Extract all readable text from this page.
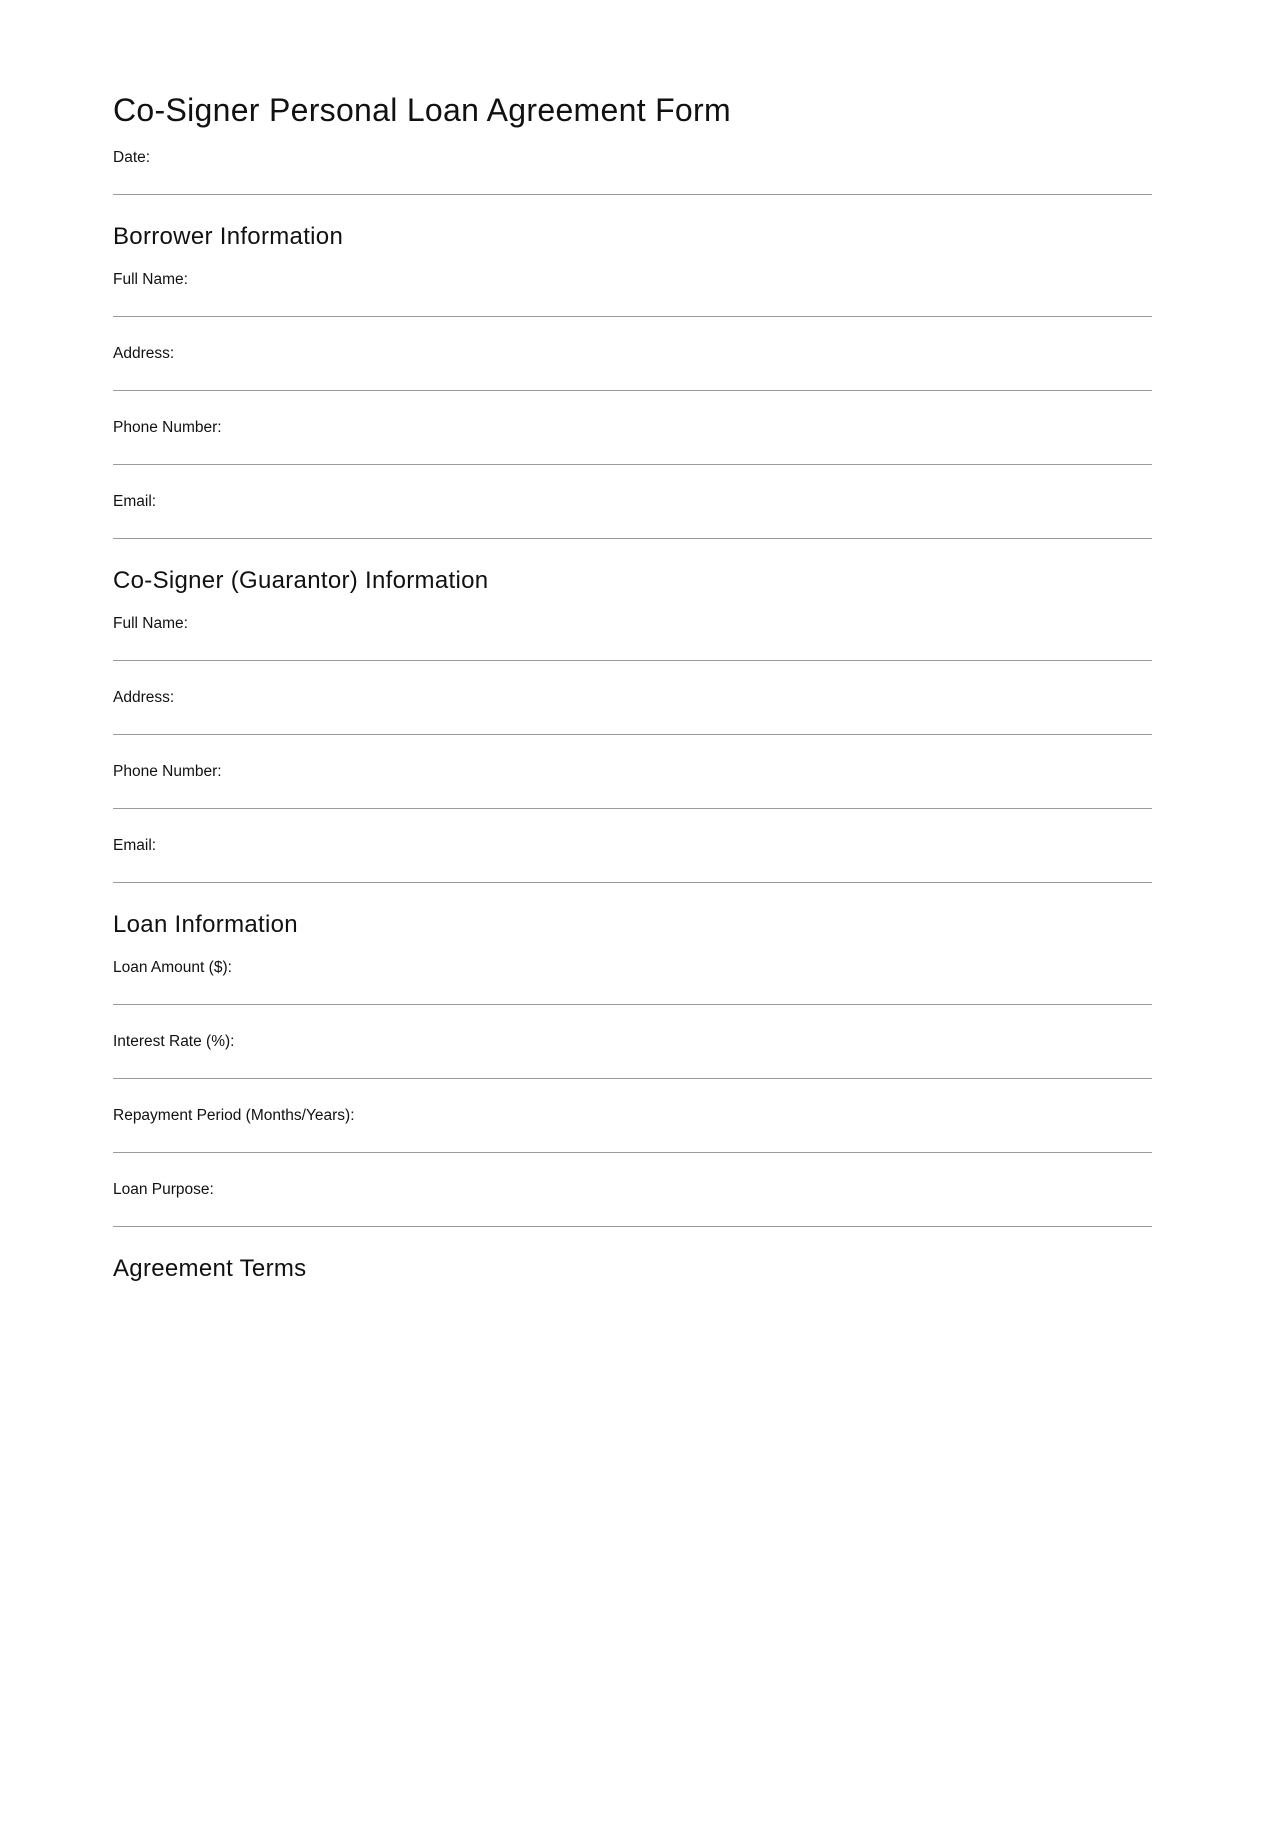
Co-Signer Personal Loan Agreement Form
Date:
Borrower Information
Full Name:
Address:
Phone Number:
Email:
Co-Signer (Guarantor) Information
Full Name:
Address:
Phone Number:
Email:
Loan Information
Loan Amount ($):
Interest Rate (%):
Repayment Period (Months/Years):
Loan Purpose:
Agreement Terms
